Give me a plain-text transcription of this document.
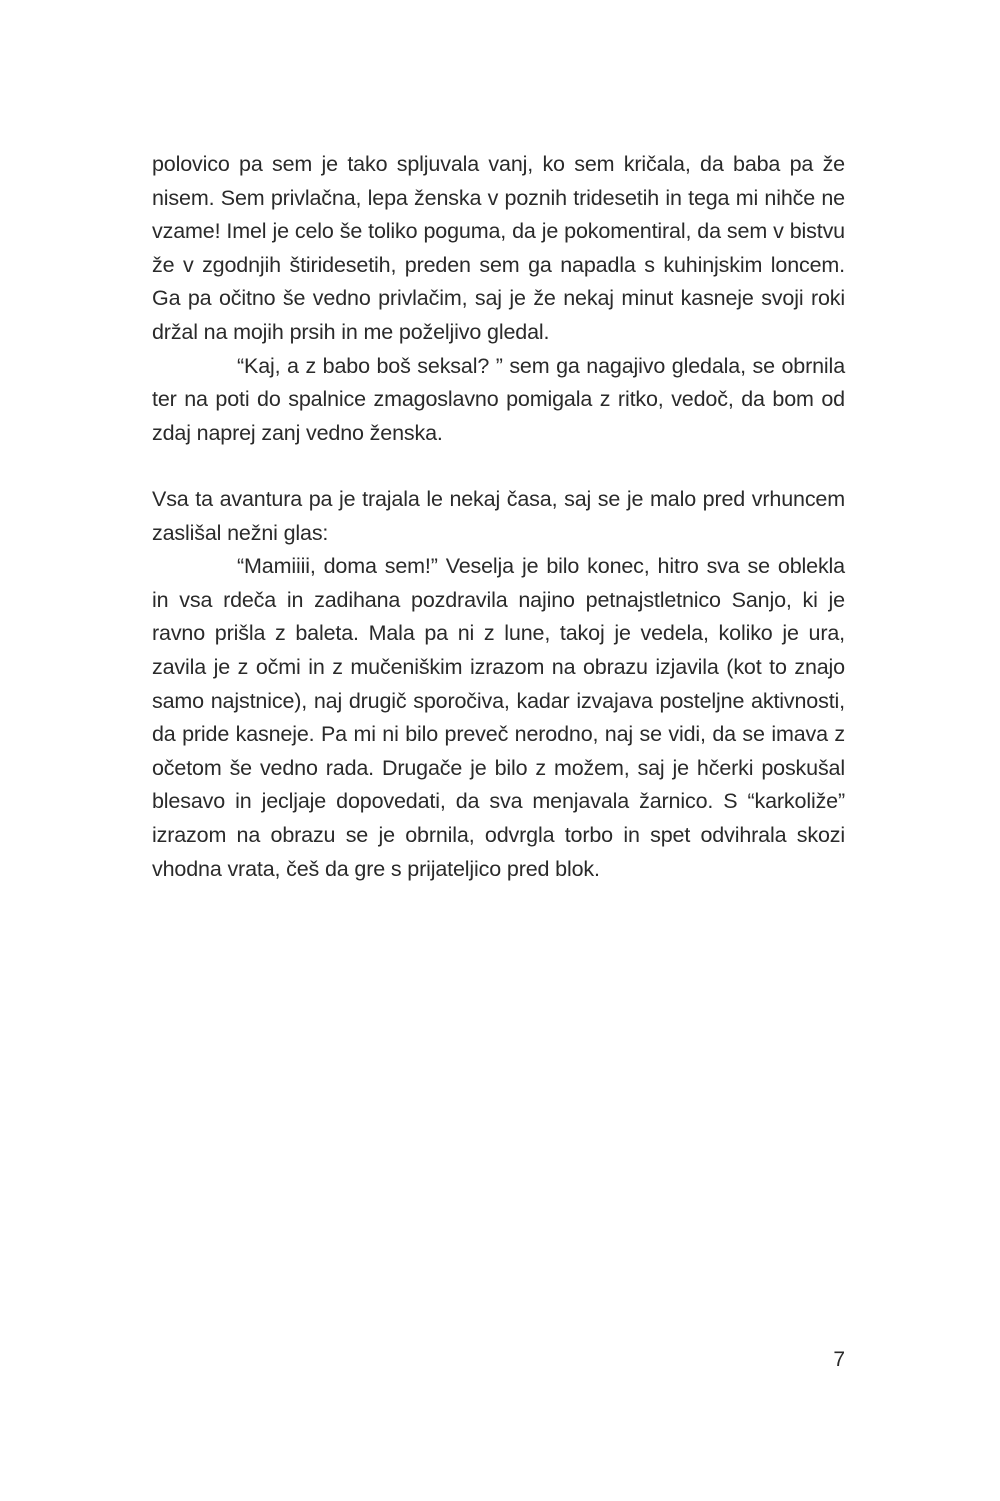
polovico pa sem je tako spljuvala vanj, ko sem kričala, da baba pa že nisem. Sem privlačna, lepa ženska v poznih tridesetih in tega mi nihče ne vzame! Imel je celo še toliko poguma, da je pokomentiral, da sem v bistvu že v zgodnjih štiridesetih, preden sem ga napadla s kuhinjskim loncem. Ga pa očitno še vedno privlačim, saj je že nekaj minut kasneje svoji roki držal na mojih prsih in me poželjivo gledal.

“Kaj, a z babo boš seksal? ” sem ga nagajivo gledala, se obrnila ter na poti do spalnice zmagoslavno pomigala z ritko, vedoč, da bom od zdaj naprej zanj vedno ženska.

Vsa ta avantura pa je trajala le nekaj časa, saj se je malo pred vrhuncem zaslišal nežni glas:

“Mamiiii, doma sem!” Veselja je bilo konec, hitro sva se oblekla in vsa rdeča in zadihana pozdravila najino petnajstletnico Sanjo, ki je ravno prišla z baleta. Mala pa ni z lune, takoj je vedela, koliko je ura, zavila je z očmi in z mučeniškim izrazom na obrazu izjavila (kot to znajo samo najstnice), naj drugič sporočiva, kadar izvajava posteljne aktivnosti, da pride kasneje. Pa mi ni bilo preveč nerodno, naj se vidi, da se imava z očetom še vedno rada. Drugače je bilo z možem, saj je hčerki poskušal blesavo in jecljaje dopovedati, da sva menjavala žarnico. S “karkoliže” izrazom na obrazu se je obrnila, odvrgla torbo in spet odvihrala skozi vhodna vrata, češ da gre s prijateljico pred blok.

7
